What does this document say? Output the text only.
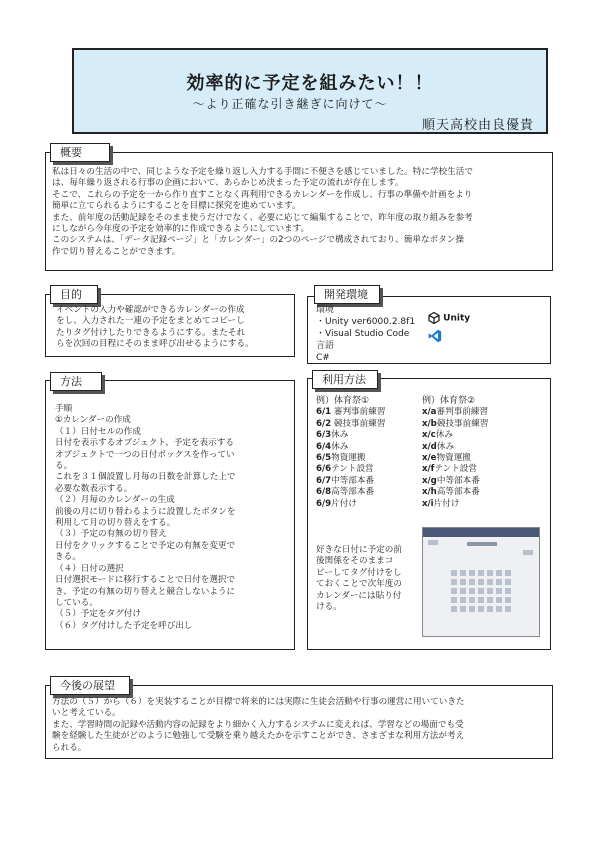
効率的に予定を組みたい！！
〜より正確な引き継ぎに向けて〜
順天高校由良優貴
概要
私は日々の生活の中で、同じような予定を繰り返し入力する手間に不便さを感じていました。特に学校生活で
は、毎年繰り返される行事の企画において、あらかじめ決まった予定の流れが存在します。
そこで、これらの予定を一から作り直すことなく再利用できるカレンダーを作成し、行事の準備や計画をより
簡単に立てられるようにすることを目標に探究を進めています。
また、前年度の活動記録をそのまま使うだけでなく、必要に応じて編集することで、昨年度の取り組みを参考
にしながら今年度の予定を効率的に作成できるようにしています。
このシステムは、「データ記録ページ」と「カレンダー」の2つのページで構成されており、簡単なボタン操
作で切り替えることができます。
目的
イベントの入力や確認ができるカレンダーの作成
をし、入力された一連の予定をまとめてコピーし
たりタグ付けしたりできるようにする。またそれ
らを次回の目程にそのまま呼び出せるようにする。
開発環境
環境
・Unity ver6000.2.8f1
・Visual Studio Code
言語
C#
Unity
方法
手順
①カレンダーの作成
（１）日付セルの作成
日付を表示するオブジェクト、予定を表示する
オブジェクトで一つの日付ボックスを作ってい
る。
これを３１個設置し月毎の日数を計算した上で
必要な数表示する。
（２）月毎のカレンダーの生成
前後の月に切り替わるように設置したボタンを
利用して月の切り替えをする。
（３）予定の有無の切り替え
日付をクリックすることで予定の有無を変更で
きる。
（４）日付の選択
日付選択モードに移行することで日付を選択で
き、予定の有無の切り替えと競合しないように
している。
（５）予定をタグ付け
（６）タグ付けした予定を呼び出し
利用方法
例）体育祭①
6/1 審判事前練習
6/2 競技事前練習
6/3休み
6/4休み
6/5物資運搬
6/6テント設営
6/7中等部本番
6/8高等部本番
6/9片付け
例）体育祭②
x/a審判事前練習
x/b競技事前練習
x/c休み
x/d休み
x/e物資運搬
x/fテント設営
x/g中等部本番
x/h高等部本番
x/i片付け
好きな日付に予定の前
後関係をそのままコ
ピーしてタグ付けをし
ておくことで次年度の
カレンダーには貼り付
ける。
今後の展望
方法の（５）から（６）を実装することが目標で将来的には実際に生徒会活動や行事の運営に用いていきた
いと考えている。
また、学習時間の記録や活動内容の記録をより細かく入力するシステムに変えれば、学習などの場面でも受
験を経験した生徒がどのように勉強して受験を乗り越えたかを示すことができ、さまざまな利用方法が考え
られる。
